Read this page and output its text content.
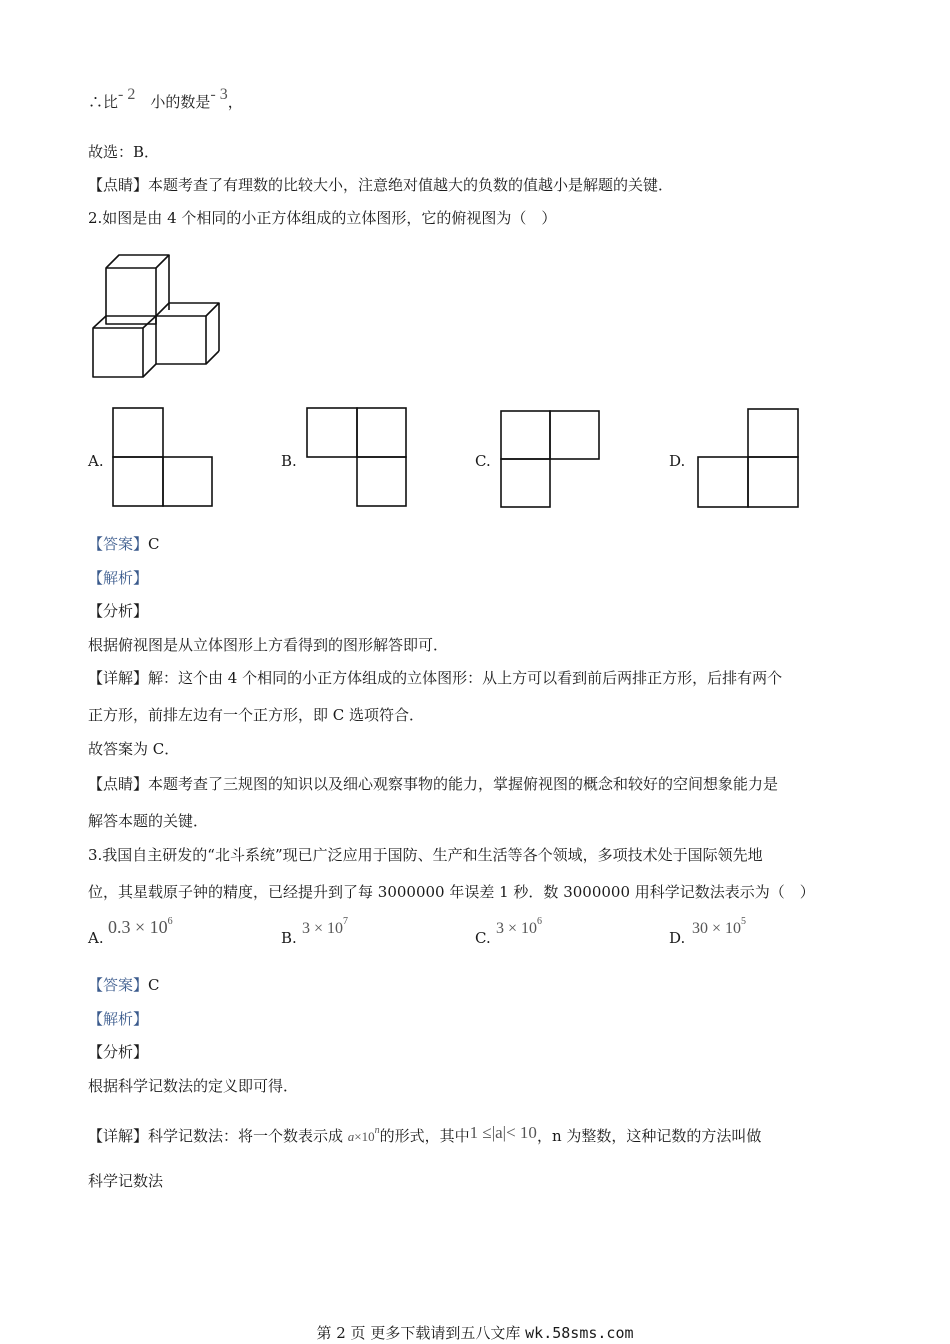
∴比- 2　 小的数是- 3，
故选：B．
【点睛】本题考查了有理数的比较大小，注意绝对值越大的负数的值越小是解题的关键．
2.如图是由 4 个相同的小正方体组成的立体图形，它的俯视图为（　）
A.	B.	C.	D.
【答案】C
【解析】
【分析】
根据俯视图是从立体图形上方看得到的图形解答即可．
【详解】解：这个由 4 个相同的小正方体组成的立体图形：从上方可以看到前后两排正方形，后排有两个
正方形，前排左边有一个正方形，即 C 选项符合．
故答案为 C．
【点睛】本题考查了三规图的知识以及细心观察事物的能力，掌握俯视图的概念和较好的空间想象能力是
解答本题的关键．
3.我国自主研发的“北斗系统”现已广泛应用于国防、生产和生活等各个领域，多项技术处于国际领先地
位，其星载原子钟的精度，已经提升到了每 3000000 年误差 1 秒．数 3000000 用科学记数法表示为（　）
A.
$0.3 \times 10^6$
B.
$3 \times 10^7$
C.
$3 \times 10^6$
D.
$30 \times 10^5$
【答案】C
【解析】
【分析】
根据科学记数法的定义即可得．
【详解】科学记数法：将一个数表示成 $a\times 10^n$的形式，其中1 ≤|a|< 10，n 为整数，这种记数的方法叫做
科学记数法
第 2 页 更多下载请到五八文库 wk.58sms.com
